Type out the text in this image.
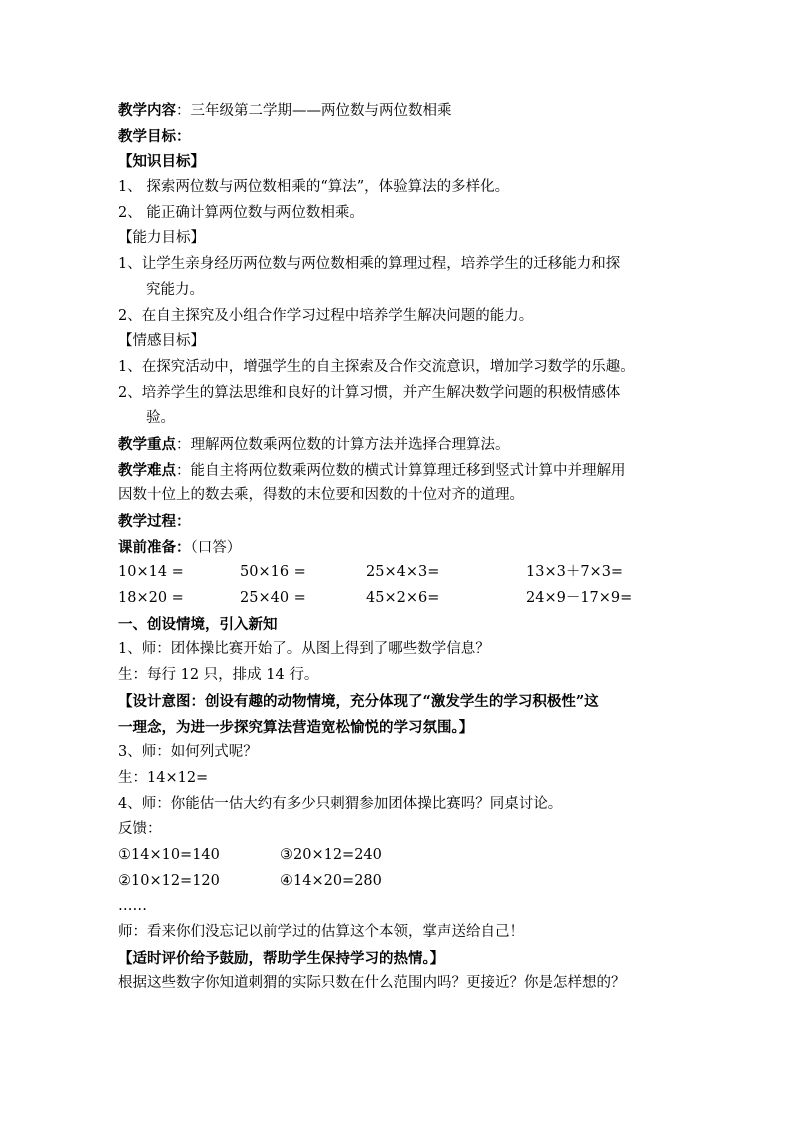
教学内容：三年级第二学期——两位数与两位数相乘
教学目标：
【知识目标】
1、 探索两位数与两位数相乘的“算法”，体验算法的多样化。
2、 能正确计算两位数与两位数相乘。
【能力目标】
1、让学生亲身经历两位数与两位数相乘的算理过程，培养学生的迁移能力和探
究能力。
2、在自主探究及小组合作学习过程中培养学生解决问题的能力。
【情感目标】
1、在探究活动中，增强学生的自主探索及合作交流意识，增加学习数学的乐趣。
2、培养学生的算法思维和良好的计算习惯，并产生解决数学问题的积极情感体
验。
教学重点：理解两位数乘两位数的计算方法并选择合理算法。
教学难点：能自主将两位数乘两位数的横式计算算理迁移到竖式计算中并理解用
因数十位上的数去乘，得数的末位要和因数的十位对齐的道理。
教学过程：
课前准备：（口答）
10×14 =	50×16 =	25×4×3=	13×3＋7×3=
18×20 =	25×40 =	45×2×6=	24×9－17×9=
一、创设情境，引入新知
1、师：团体操比赛开始了。从图上得到了哪些数学信息？
生：每行 12 只，排成 14 行。
【设计意图：创设有趣的动物情境，充分体现了“激发学生的学习积极性”这
一理念，为进一步探究算法营造宽松愉悦的学习氛围。】
3、师：如何列式呢？
生：14×12=
4、师：你能估一估大约有多少只刺猬参加团体操比赛吗？同桌讨论。
反馈：
①14×10=140	③20×12=240
②10×12=120	④14×20=280
……
师：看来你们没忘记以前学过的估算这个本领，掌声送给自己！
【适时评价给予鼓励，帮助学生保持学习的热情。】
根据这些数字你知道刺猬的实际只数在什么范围内吗？更接近？你是怎样想的？
